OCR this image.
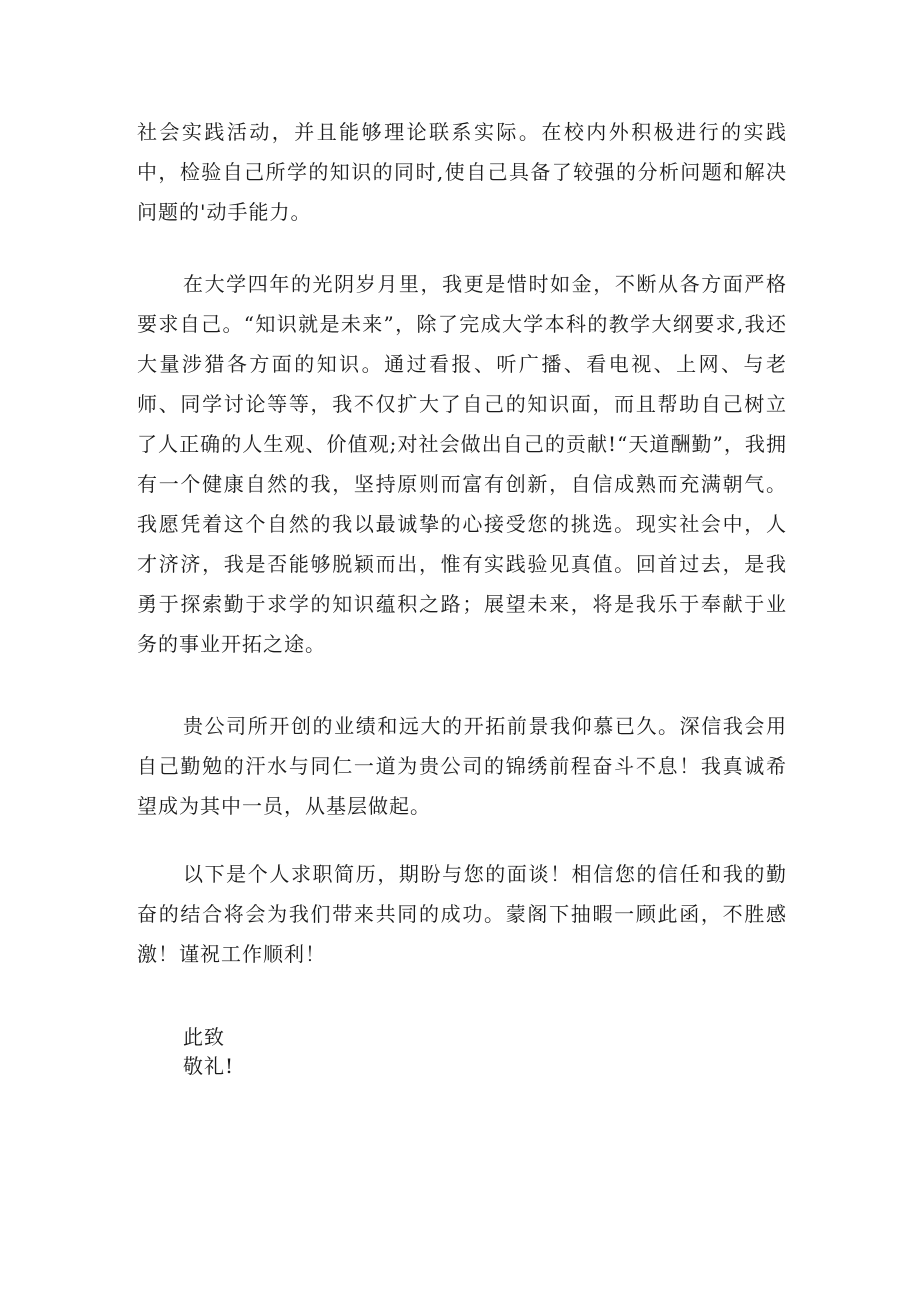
社会实践活动，并且能够理论联系实际。在校内外积极进行的实践中，检验自己所学的知识的同时,使自己具备了较强的分析问题和解决问题的'动手能力。

在大学四年的光阴岁月里，我更是惜时如金，不断从各方面严格要求自己。“知识就是未来”，除了完成大学本科的教学大纲要求,我还大量涉猎各方面的知识。通过看报、听广播、看电视、上网、与老师、同学讨论等等，我不仅扩大了自己的知识面，而且帮助自己树立了人正确的人生观、价值观;对社会做出自己的贡献!“天道酬勤”，我拥有一个健康自然的我，坚持原则而富有创新，自信成熟而充满朝气。我愿凭着这个自然的我以最诚挚的心接受您的挑选。现实社会中，人才济济，我是否能够脱颖而出，惟有实践验见真值。回首过去，是我勇于探索勤于求学的知识蕴积之路；展望未来，将是我乐于奉献于业务的事业开拓之途。

贵公司所开创的业绩和远大的开拓前景我仰慕已久。深信我会用自己勤勉的汗水与同仁一道为贵公司的锦绣前程奋斗不息！我真诚希望成为其中一员，从基层做起。

以下是个人求职简历，期盼与您的面谈！相信您的信任和我的勤奋的结合将会为我们带来共同的成功。蒙阁下抽暇一顾此函，不胜感激！谨祝工作顺利！

此致

敬礼!
